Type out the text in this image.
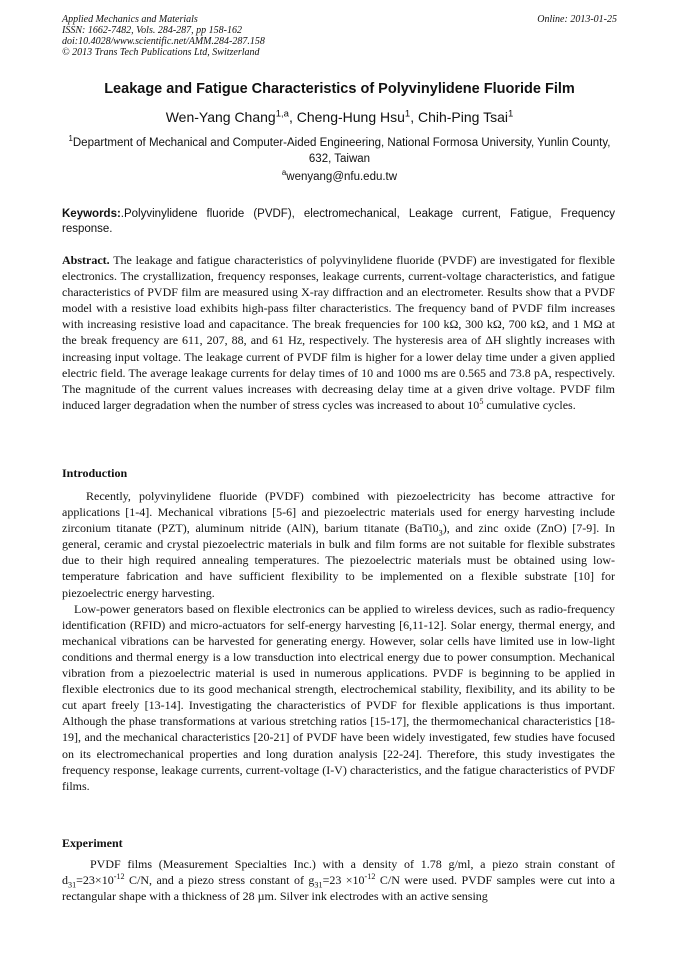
Applied Mechanics and Materials
ISSN: 1662-7482, Vols. 284-287, pp 158-162
doi:10.4028/www.scientific.net/AMM.284-287.158
© 2013 Trans Tech Publications Ltd, Switzerland
Online: 2013-01-25
Leakage and Fatigue Characteristics of Polyvinylidene Fluoride Film
Wen-Yang Chang$^{1,a}$, Cheng-Hung Hsu$^1$, Chih-Ping Tsai$^1$
$^1$Department of Mechanical and Computer-Aided Engineering, National Formosa University, Yunlin County, 632, Taiwan
$^a$wenyang@nfu.edu.tw
Keywords:.Polyvinylidene fluoride (PVDF), electromechanical, Leakage current, Fatigue, Frequency response.

Abstract. The leakage and fatigue characteristics of polyvinylidene fluoride (PVDF) are investigated for flexible electronics. The crystallization, frequency responses, leakage currents, current-voltage characteristics, and fatigue characteristics of PVDF film are measured using X-ray diffraction and an electrometer. Results show that a PVDF model with a resistive load exhibits high-pass filter characteristics. The frequency band of PVDF film increases with increasing resistive load and capacitance. The break frequencies for 100 kΩ, 300 kΩ, 700 kΩ, and 1 MΩ at the break frequency are 611, 207, 88, and 61 Hz, respectively. The hysteresis area of ΔH slightly increases with increasing input voltage. The leakage current of PVDF film is higher for a lower delay time under a given applied electric field. The average leakage currents for delay times of 10 and 1000 ms are 0.565 and 73.8 pA, respectively. The magnitude of the current values increases with decreasing delay time at a given drive voltage. PVDF film induced larger degradation when the number of stress cycles was increased to about $10^5$ cumulative cycles.

Introduction

Recently, polyvinylidene fluoride (PVDF) combined with piezoelectricity has become attractive for applications [1-4]. Mechanical vibrations [5-6] and piezoelectric materials used for energy harvesting include zirconium titanate (PZT), aluminum nitride (AlN), barium titanate $(BaTi0_3)$, and zinc oxide (ZnO) [7-9]. In general, ceramic and crystal piezoelectric materials in bulk and film forms are not suitable for flexible substrates due to their high required annealing temperatures. The piezoelectric materials must be obtained using low-temperature fabrication and have sufficient flexibility to be implemented on a flexible substrate [10] for piezoelectric energy harvesting.

Low-power generators based on flexible electronics can be applied to wireless devices, such as radio-frequency identification (RFID) and micro-actuators for self-energy harvesting [6,11-12]. Solar energy, thermal energy, and mechanical vibrations can be harvested for generating energy. However, solar cells have limited use in low-light conditions and thermal energy is a low transduction into electrical energy due to power consumption. Mechanical vibration from a piezoelectric material is used in numerous applications. PVDF is beginning to be applied in flexible electronics due to its good mechanical strength, electrochemical stability, flexibility, and its ability to be cut apart freely [13-14]. Investigating the characteristics of PVDF for flexible applications is thus important. Although the phase transformations at various stretching ratios [15-17], the thermomechanical characteristics [18-19], and the mechanical characteristics [20-21] of PVDF have been widely investigated, few studies have focused on its electromechanical properties and long duration analysis [22-24]. Therefore, this study investigates the frequency response, leakage currents, current-voltage (I-V) characteristics, and the fatigue characteristics of PVDF films.

Experiment

PVDF films (Measurement Specialties Inc.) with a density of 1.78 g/ml, a piezo strain constant of $d_{31}=23\times 10^{-12}$ C/N, and a piezo stress constant of $g_{31}=23 \times 10^{-12}$ C/N were used. PVDF samples were cut into a rectangular shape with a thickness of 28 µm. Silver ink electrodes with an active sensing
